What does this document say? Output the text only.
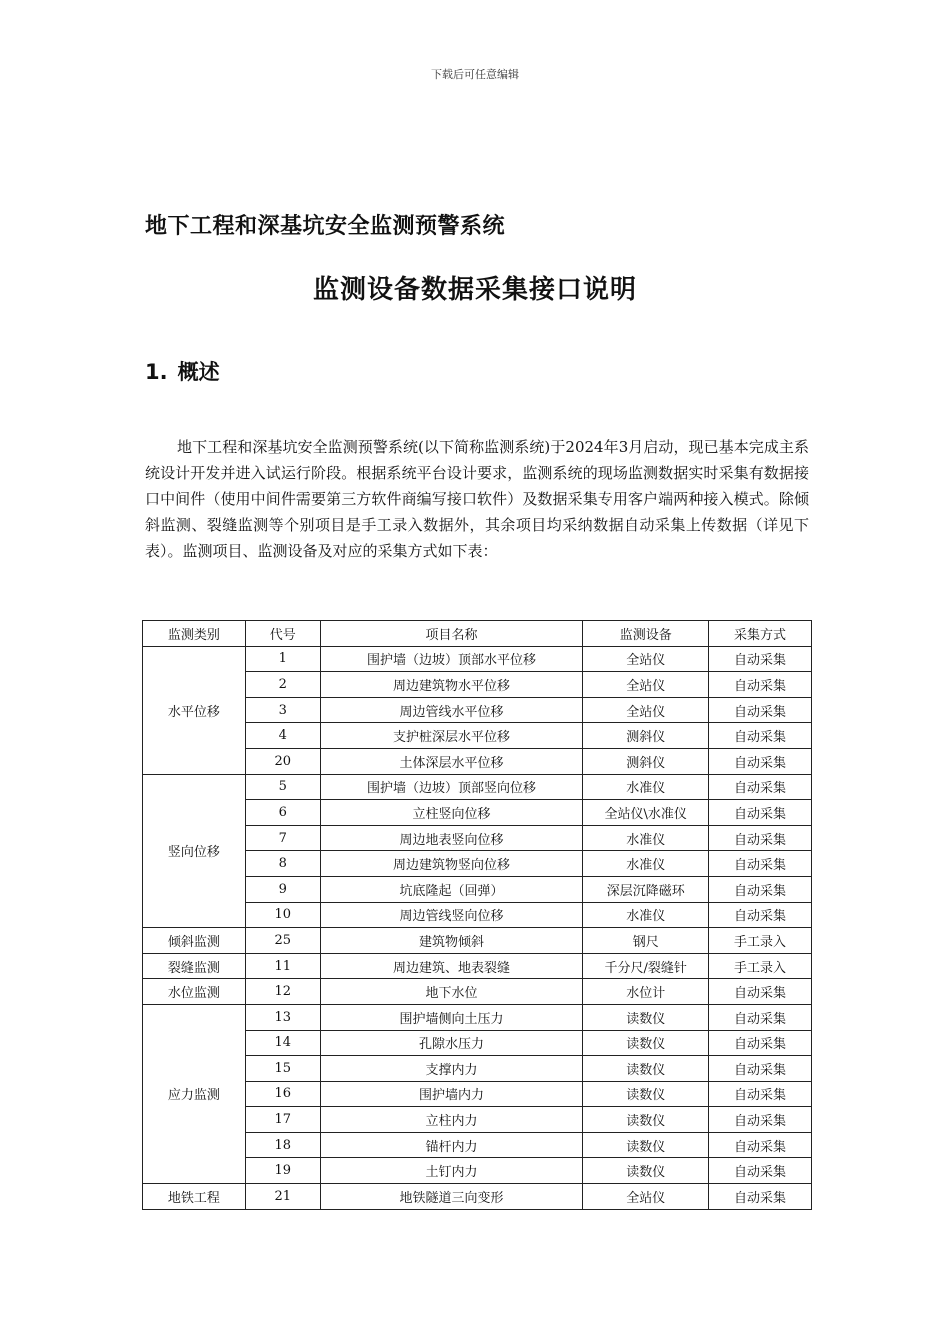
下载后可任意编辑
地下工程和深基坑安全监测预警系统
监测设备数据采集接口说明
1. 概述
地下工程和深基坑安全监测预警系统(以下简称监测系统)于2024年3月启动，现已基本完成主系统设计开发并进入试运行阶段。根据系统平台设计要求，监测系统的现场监测数据实时采集有数据接口中间件（使用中间件需要第三方软件商编写接口软件）及数据采集专用客户端两种接入模式。除倾斜监测、裂缝监测等个别项目是手工录入数据外，其余项目均采纳数据自动采集上传数据（详见下表）。监测项目、监测设备及对应的采集方式如下表：
监测类别	代号	项目名称	监测设备	采集方式
水平位移	1	围护墙（边坡）顶部水平位移	全站仪	自动采集
	2	周边建筑物水平位移	全站仪	自动采集
	3	周边管线水平位移	全站仪	自动采集
	4	支护桩深层水平位移	测斜仪	自动采集
	20	土体深层水平位移	测斜仪	自动采集
竖向位移	5	围护墙（边坡）顶部竖向位移	水准仪	自动采集
	6	立柱竖向位移	全站仪\水准仪	自动采集
	7	周边地表竖向位移	水准仪	自动采集
	8	周边建筑物竖向位移	水准仪	自动采集
	9	坑底隆起（回弹）	深层沉降磁环	自动采集
	10	周边管线竖向位移	水准仪	自动采集
倾斜监测	25	建筑物倾斜	钢尺	手工录入
裂缝监测	11	周边建筑、地表裂缝	千分尺/裂缝针	手工录入
水位监测	12	地下水位	水位计	自动采集
应力监测	13	围护墙侧向土压力	读数仪	自动采集
	14	孔隙水压力	读数仪	自动采集
	15	支撑内力	读数仪	自动采集
	16	围护墙内力	读数仪	自动采集
	17	立柱内力	读数仪	自动采集
	18	锚杆内力	读数仪	自动采集
	19	土钉内力	读数仪	自动采集
地铁工程	21	地铁隧道三向变形	全站仪	自动采集
